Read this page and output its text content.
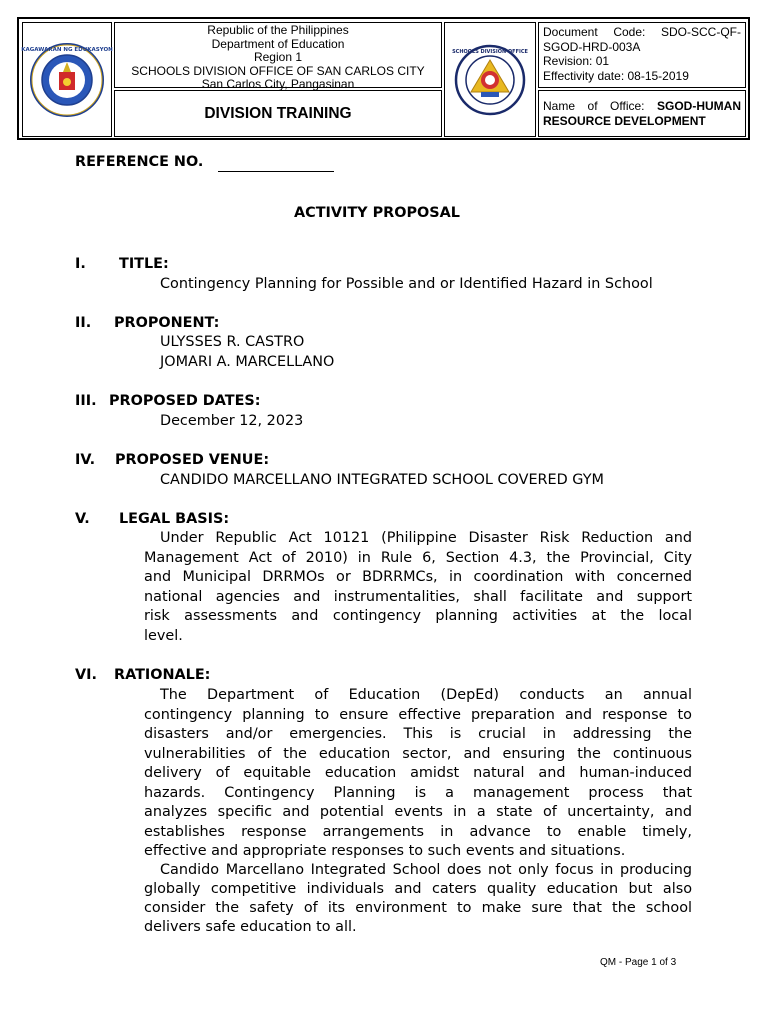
KAGAWARAN NG EDUKASYON
Republic of the Philippines
Department of Education
Region 1
SCHOOLS DIVISION OFFICE OF SAN CARLOS CITY
San Carlos City, Pangasinan
DIVISION TRAINING
SCHOOLS DIVISION OFFICE
Document Code: SDO-SCC-QF-
SGOD-HRD-003A
Revision: 01
Effectivity date: 08-15-2019
Name of Office: SGOD-HUMAN
RESOURCE DEVELOPMENT
REFERENCE NO.
ACTIVITY PROPOSAL
I. TITLE:
Contingency Planning for Possible and or Identified Hazard in School
II. PROPONENT:
ULYSSES R. CASTRO
JOMARI A. MARCELLANO
III. PROPOSED DATES:
December 12, 2023
IV. PROPOSED VENUE:
CANDIDO MARCELLANO INTEGRATED SCHOOL COVERED GYM
V. LEGAL BASIS:
Under Republic Act 10121 (Philippine Disaster Risk Reduction and
Management Act of 2010) in Rule 6, Section 4.3, the Provincial, City
and Municipal DRRMOs or BDRRMCs, in coordination with concerned
national agencies and instrumentalities, shall facilitate and support
risk assessments and contingency planning activities at the local
level.
VI. RATIONALE:
The Department of Education (DepEd) conducts an annual
contingency planning to ensure effective preparation and response to
disasters and/or emergencies. This is crucial in addressing the
vulnerabilities of the education sector, and ensuring the continuous
delivery of equitable education amidst natural and human-induced
hazards. Contingency Planning is a management process that
analyzes specific and potential events in a state of uncertainty, and
establishes response arrangements in advance to enable timely,
effective and appropriate responses to such events and situations.
Candido Marcellano Integrated School does not only focus in producing
globally competitive individuals and caters quality education but also
consider the safety of its environment to make sure that the school
delivers safe education to all.
QM - Page 1 of 3
